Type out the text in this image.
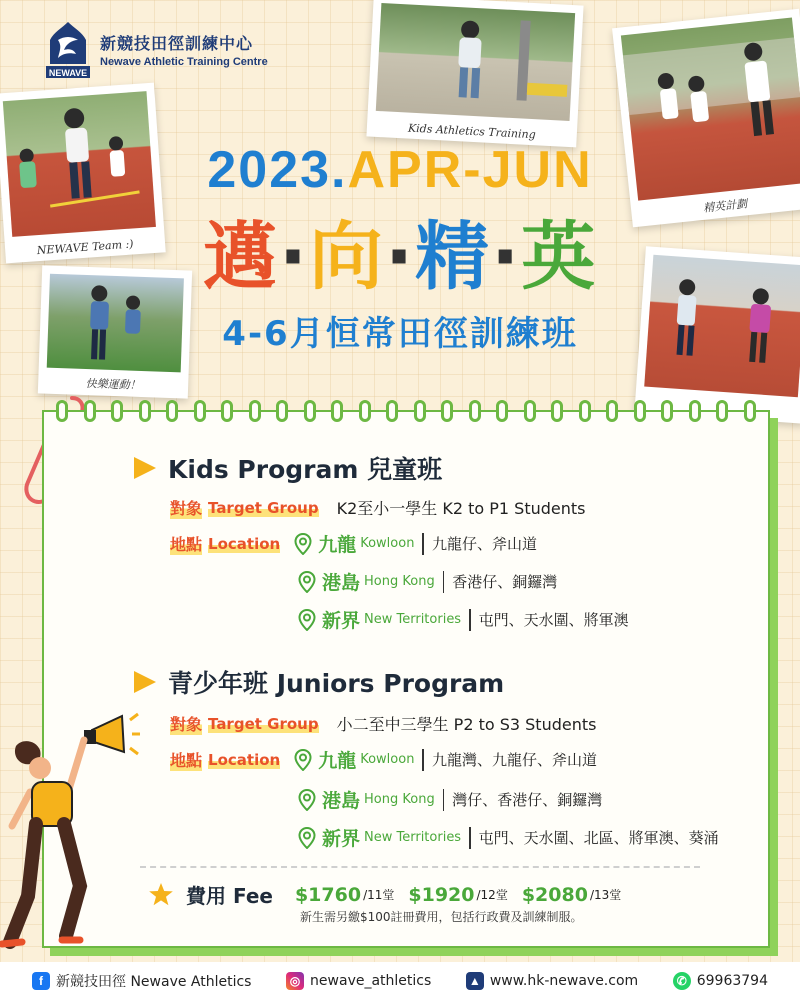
NEWAVE
新競技田徑訓練中心
Newave Athletic Training Centre
Kids Athletics Training
NEWAVE Team :)
快樂運動！
精英計劃
2023.APR-JUN
邁·向·精·英
4-6月恒常田徑訓練班
Kids Program 兒童班
對象 Target Group K2至小一學生 K2 to P1 Students
地點 Location 九龍 Kowloon 九龍仔、斧山道
港島 Hong Kong 香港仔、銅鑼灣
新界 New Territories 屯門、天水圍、將軍澳
青少年班 Juniors Program
對象 Target Group 小二至中三學生 P2 to S3 Students
地點 Location 九龍 Kowloon 九龍灣、九龍仔、斧山道
港島 Hong Kong 灣仔、香港仔、銅鑼灣
新界 New Territories 屯門、天水圍、北區、將軍澳、葵涌
費用 Fee $1760 /11堂 $1920 /12堂 $2080 /13堂
新生需另繳$100註冊費用，包括行政費及訓練制服。
f 新競技田徑 Newave Athletics	◎ newave_athletics	▲ www.hk-newave.com	✆ 69963794
